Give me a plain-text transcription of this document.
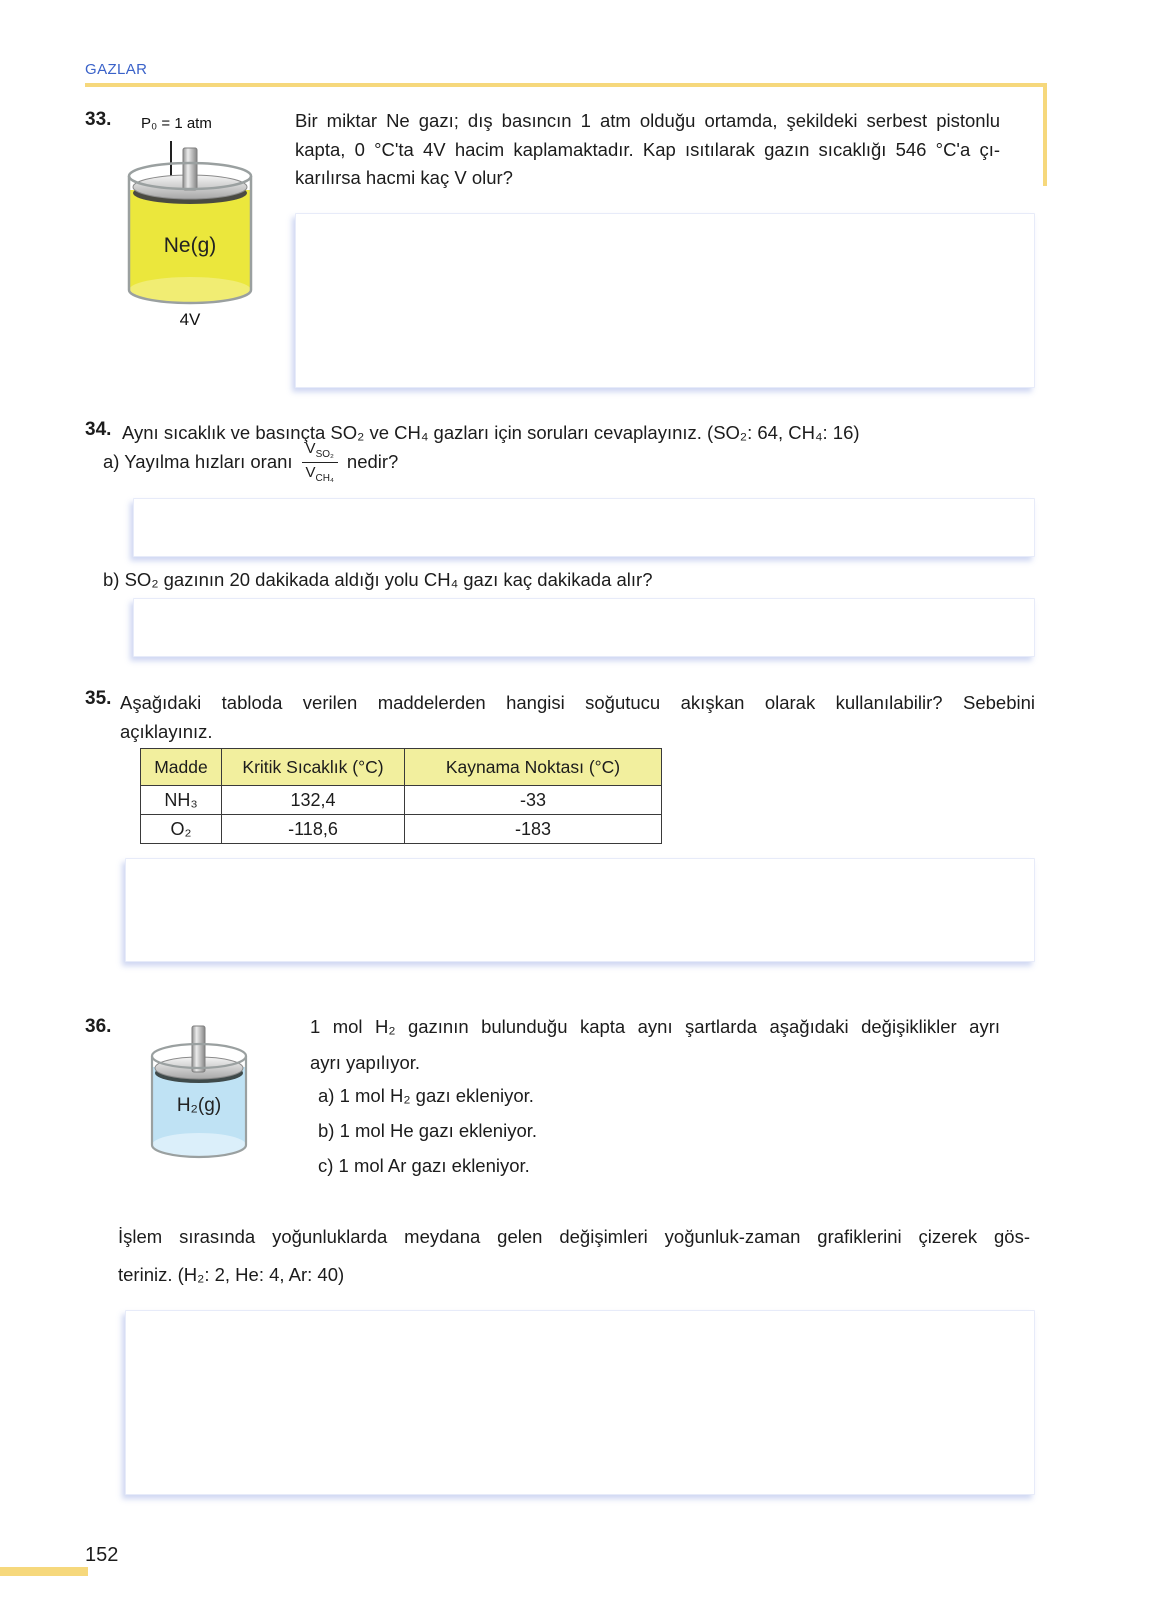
GAZLAR
33. P₀ = 1 atm
Ne(g)
4V
Bir miktar Ne gazı; dış basıncın 1 atm olduğu ortamda, şekildeki serbest pistonlu
kapta, 0 °C'ta 4V hacim kaplamaktadır. Kap ısıtılarak gazın sıcaklığı 546 °C'a çı-
karılırsa hacmi kaç V olur?
34. Aynı sıcaklık ve basınçta SO₂ ve CH₄ gazları için soruları cevaplayınız. (SO₂: 64, CH₄: 16)
a) Yayılma hızları oranı $\frac{V_{SO_2}}{V_{CH_4}}$ nedir?
b) SO₂ gazının 20 dakikada aldığı yolu CH₄ gazı kaç dakikada alır?
35. Aşağıdaki tabloda verilen maddelerden hangisi soğutucu akışkan olarak kullanılabilir? Sebebini
açıklayınız.
Madde	Kritik Sıcaklık (°C)	Kaynama Noktası (°C)
NH₃	132,4	-33
O₂	-118,6	-183
36.
H₂(g)
1 mol H₂ gazının bulunduğu kapta aynı şartlarda aşağıdaki değişiklikler ayrı
ayrı yapılıyor.
a) 1 mol H₂ gazı ekleniyor.
b) 1 mol He gazı ekleniyor.
c) 1 mol Ar gazı ekleniyor.
İşlem sırasında yoğunluklarda meydana gelen değişimleri yoğunluk-zaman grafiklerini çizerek gös-
teriniz. (H₂: 2, He: 4, Ar: 40)
152
